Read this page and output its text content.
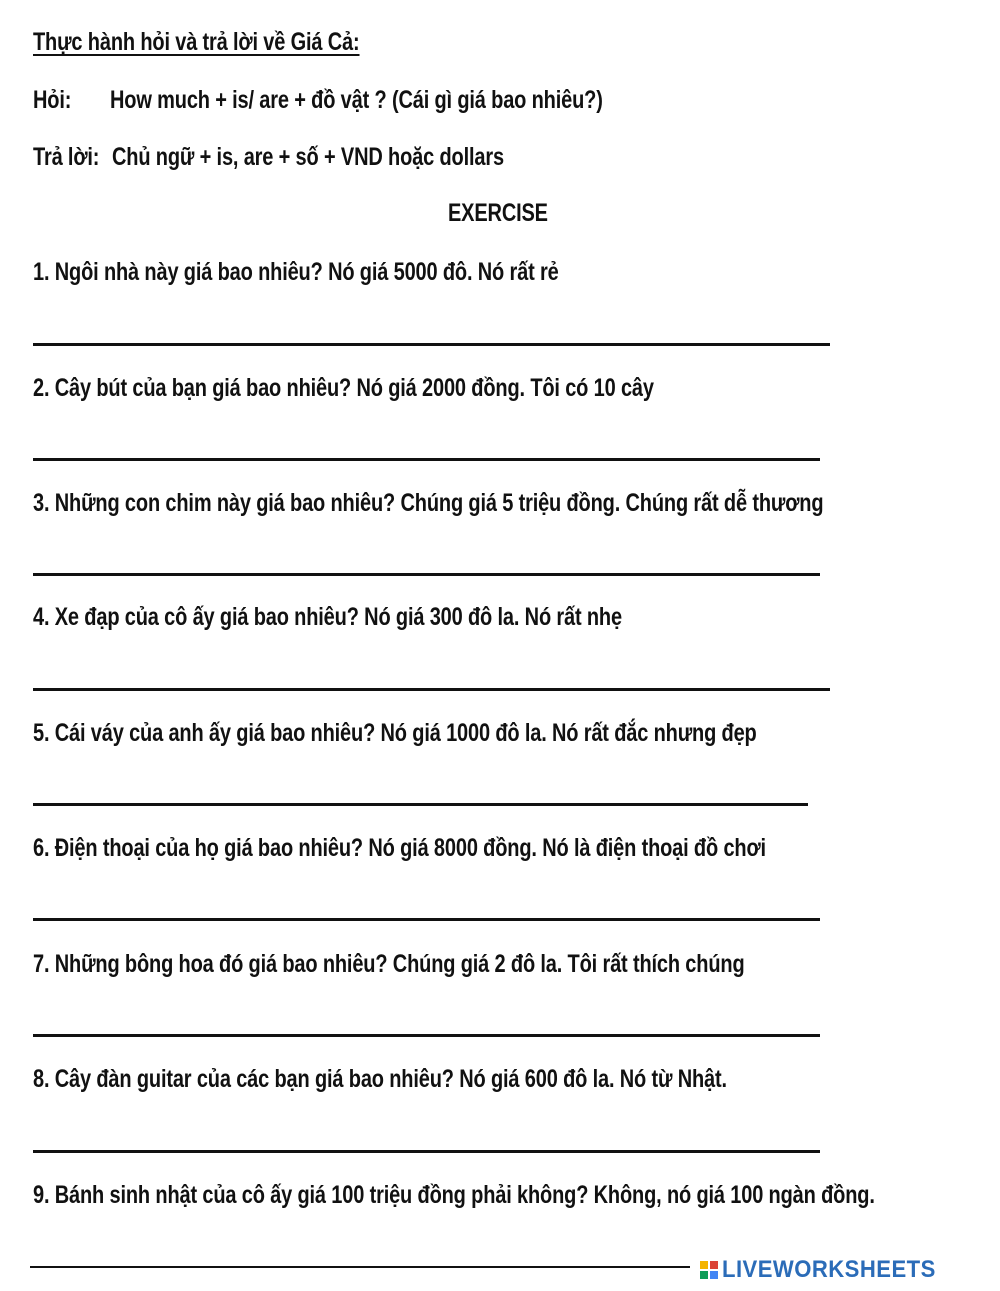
Thực hành hỏi và trả lời về Giá Cả:
Hỏi: How much + is/ are + đồ vật ? (Cái gì giá bao nhiêu?)
Trả lời: Chủ ngữ + is, are + số + VND hoặc dollars
EXERCISE
1. Ngôi nhà này giá bao nhiêu? Nó giá 5000 đô. Nó rất rẻ
2. Cây bút của bạn giá bao nhiêu? Nó giá 2000 đồng. Tôi có 10 cây
3. Những con chim này giá bao nhiêu? Chúng giá 5 triệu đồng. Chúng rất dễ thương
4. Xe đạp của cô ấy giá bao nhiêu? Nó giá 300 đô la. Nó rất nhẹ
5. Cái váy của anh ấy giá bao nhiêu? Nó giá 1000 đô la. Nó rất đắc nhưng đẹp
6. Điện thoại của họ giá bao nhiêu? Nó giá 8000 đồng. Nó là điện thoại đồ chơi
7. Những bông hoa đó giá bao nhiêu? Chúng giá 2 đô la. Tôi rất thích chúng
8. Cây đàn guitar của các bạn giá bao nhiêu? Nó giá 600 đô la. Nó từ Nhật.
9. Bánh sinh nhật của cô ấy giá 100 triệu đồng phải không? Không, nó giá 100 ngàn đồng.
LIVEWORKSHEETS
